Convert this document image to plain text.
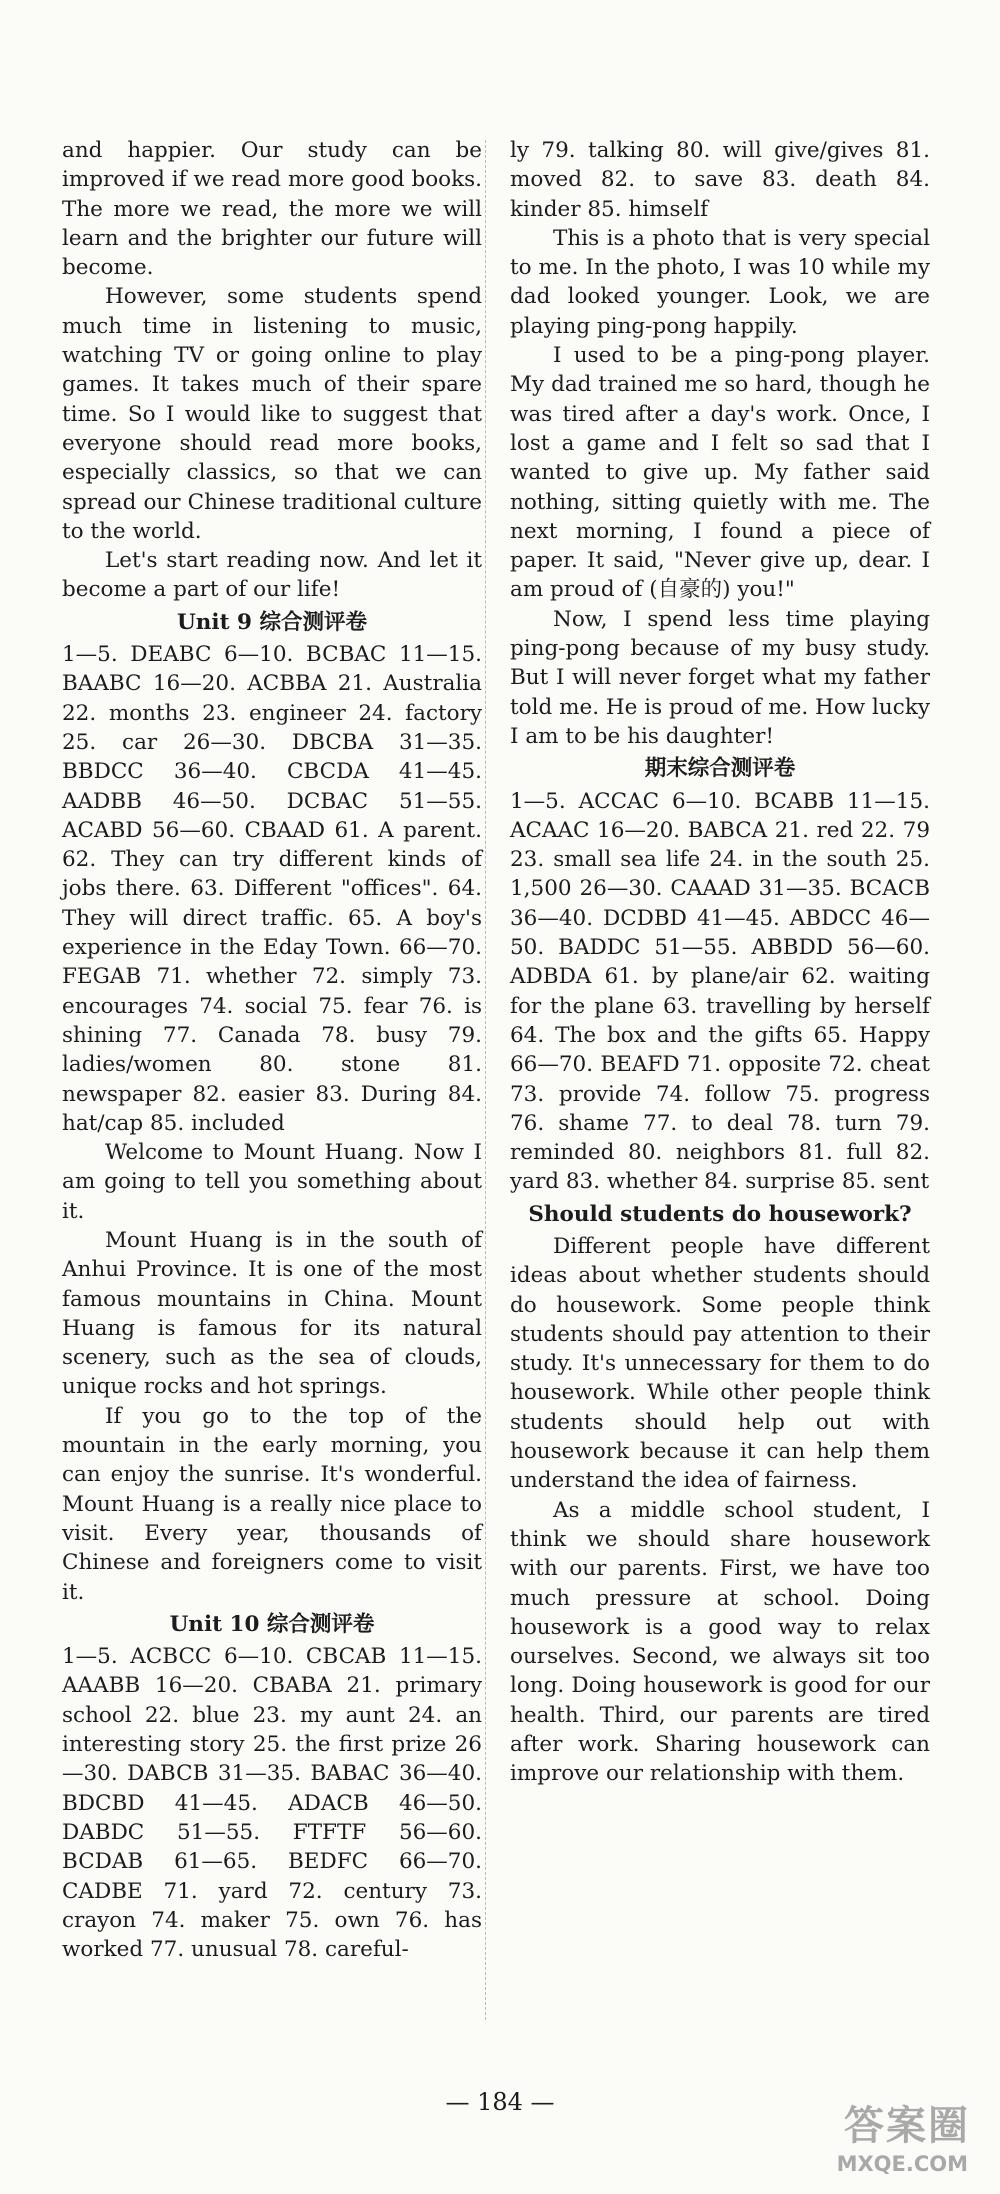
and happier. Our study can be improved if we read more good books. The more we read, the more we will learn and the brighter our future will become.

However, some students spend much time in listening to music, watching TV or going online to play games. It takes much of their spare time. So I would like to suggest that everyone should read more books, especially classics, so that we can spread our Chinese traditional culture to the world.

Let's start reading now. And let it become a part of our life!

Unit 9 综合测评卷

1—5. DEABC 6—10. BCBAC 11—15. BAABC 16—20. ACBBA 21. Australia 22. months 23. engineer 24. factory 25. car 26—30. DBCBA 31—35. BBDCC 36—40. CBCDA 41—45. AADBB 46—50. DCBAC 51—55. ACABD 56—60. CBAAD 61. A parent. 62. They can try different kinds of jobs there. 63. Different "offices". 64. They will direct traffic. 65. A boy's experience in the Eday Town. 66—70. FEGAB 71. whether 72. simply 73. encourages 74. social 75. fear 76. is shining 77. Canada 78. busy 79. ladies/women 80. stone 81. newspaper 82. easier 83. During 84. hat/cap 85. included

Welcome to Mount Huang. Now I am going to tell you something about it.

Mount Huang is in the south of Anhui Province. It is one of the most famous mountains in China. Mount Huang is famous for its natural scenery, such as the sea of clouds, unique rocks and hot springs.

If you go to the top of the mountain in the early morning, you can enjoy the sunrise. It's wonderful. Mount Huang is a really nice place to visit. Every year, thousands of Chinese and foreigners come to visit it.

Unit 10 综合测评卷

1—5. ACBCC 6—10. CBCAB 11—15. AAABB 16—20. CBABA 21. primary school 22. blue 23. my aunt 24. an interesting story 25. the first prize 26—30. DABCB 31—35. BABAC 36—40. BDCBD 41—45. ADACB 46—50. DABDC 51—55. FTFTF 56—60. BCDAB 61—65. BEDFC 66—70. CADBE 71. yard 72. century 73. crayon 74. maker 75. own 76. has worked 77. unusual 78. careful-

ly 79. talking 80. will give/gives 81. moved 82. to save 83. death 84. kinder 85. himself

This is a photo that is very special to me. In the photo, I was 10 while my dad looked younger. Look, we are playing ping-pong happily.

I used to be a ping-pong player. My dad trained me so hard, though he was tired after a day's work. Once, I lost a game and I felt so sad that I wanted to give up. My father said nothing, sitting quietly with me. The next morning, I found a piece of paper. It said, "Never give up, dear. I am proud of (自豪的) you!"

Now, I spend less time playing ping-pong because of my busy study. But I will never forget what my father told me. He is proud of me. How lucky I am to be his daughter!

期末综合测评卷

1—5. ACCAC 6—10. BCABB 11—15. ACAAC 16—20. BABCA 21. red 22. 79 23. small sea life 24. in the south 25. 1,500 26—30. CAAAD 31—35. BCACB 36—40. DCDBD 41—45. ABDCC 46—50. BADDC 51—55. ABBDD 56—60. ADBDA 61. by plane/air 62. waiting for the plane 63. travelling by herself 64. The box and the gifts 65. Happy 66—70. BEAFD 71. opposite 72. cheat 73. provide 74. follow 75. progress 76. shame 77. to deal 78. turn 79. reminded 80. neighbors 81. full 82. yard 83. whether 84. surprise 85. sent

Should students do housework?

Different people have different ideas about whether students should do housework. Some people think students should pay attention to their study. It's unnecessary for them to do housework. While other people think students should help out with housework because it can help them understand the idea of fairness.

As a middle school student, I think we should share housework with our parents. First, we have too much pressure at school. Doing housework is a good way to relax ourselves. Second, we always sit too long. Doing housework is good for our health. Third, our parents are tired after work. Sharing housework can improve our relationship with them.

— 184 —
答案圈
MXQE.COM
